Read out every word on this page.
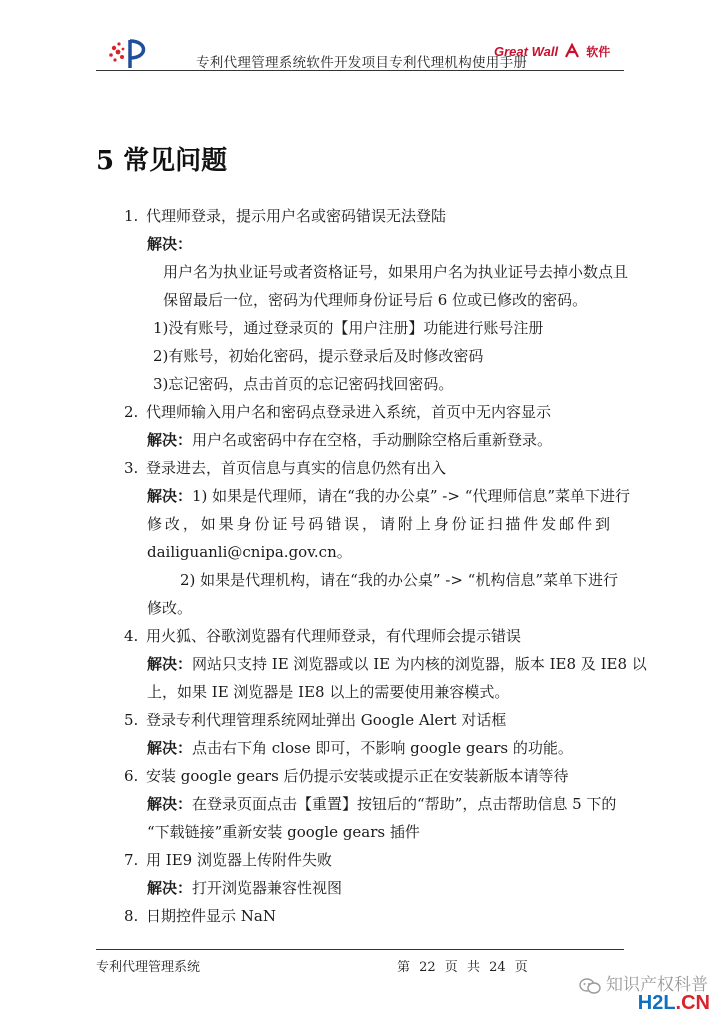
专利代理管理系统软件开发项目专利代理机构使用手册
Great Wall 软件
5 常见问题
1. 代理师登录，提示用户名或密码错误无法登陆
解决：
用户名为执业证号或者资格证号，如果用户名为执业证号去掉小数点且
保留最后一位，密码为代理师身份证号后 6 位或已修改的密码。
1)没有账号，通过登录页的【用户注册】功能进行账号注册
2)有账号，初始化密码，提示登录后及时修改密码
3)忘记密码，点击首页的忘记密码找回密码。
2. 代理师输入用户名和密码点登录进入系统，首页中无内容显示
解决：用户名或密码中存在空格，手动删除空格后重新登录。
3. 登录进去，首页信息与真实的信息仍然有出入
解决：1) 如果是代理师，请在“我的办公桌” -> “代理师信息”菜单下进行
修改，如果身份证号码错误，请附上身份证扫描件发邮件到
dailiguanli@cnipa.gov.cn。
2) 如果是代理机构，请在“我的办公桌” -> “机构信息”菜单下进行
修改。
4. 用火狐、谷歌浏览器有代理师登录，有代理师会提示错误
解决：网站只支持 IE 浏览器或以 IE 为内核的浏览器，版本 IE8 及 IE8 以
上，如果 IE 浏览器是 IE8 以上的需要使用兼容模式。
5. 登录专利代理管理系统网址弹出 Google Alert 对话框
解决：点击右下角 close 即可，不影响 google gears 的功能。
6. 安装 google gears 后仍提示安装或提示正在安装新版本请等待
解决：在登录页面点击【重置】按钮后的“帮助”，点击帮助信息 5 下的
“下载链接”重新安装 google gears 插件
7. 用 IE9 浏览器上传附件失败
解决：打开浏览器兼容性视图
8. 日期控件显示 NaN
专利代理管理系统	第 22 页 共 24 页
知识产权科普
H2L.CN
